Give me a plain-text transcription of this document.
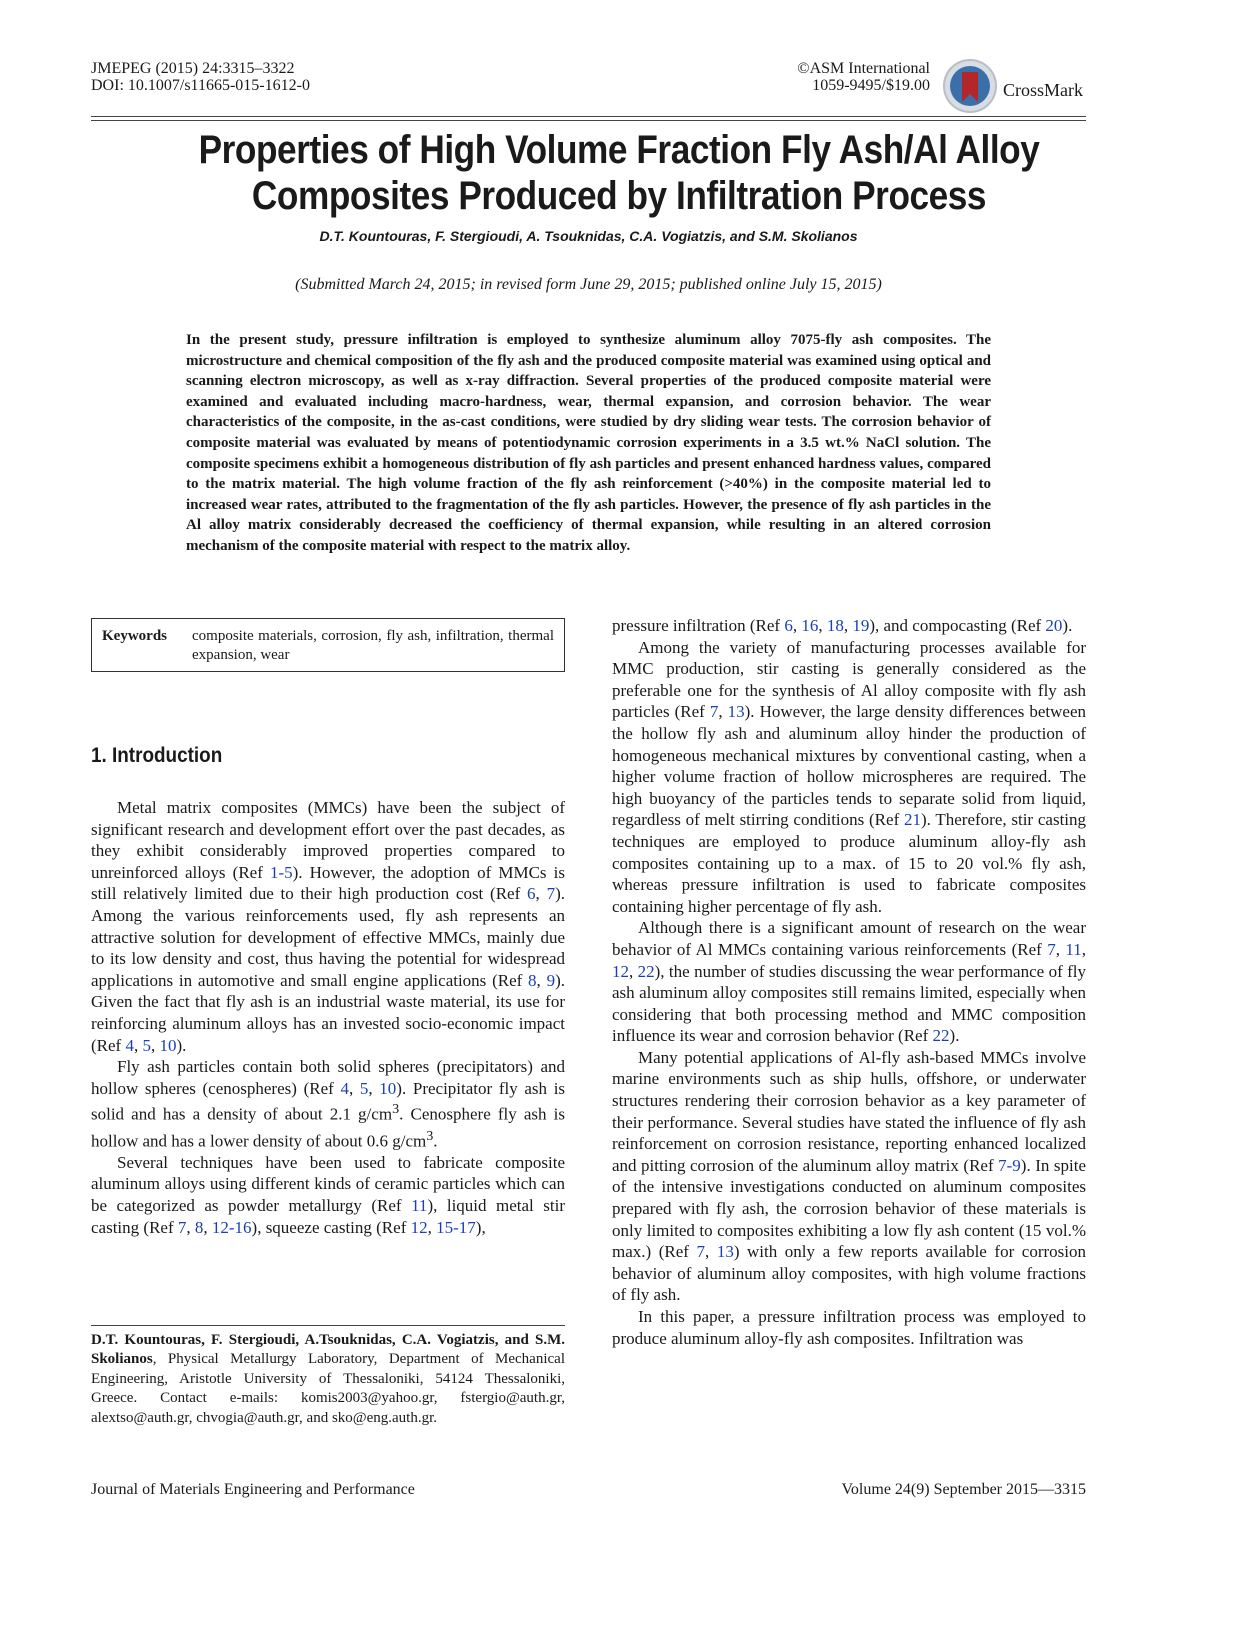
JMEPEG (2015) 24:3315–3322
DOI: 10.1007/s11665-015-1612-0
©ASM International
1059-9495/$19.00	CrossMark
Properties of High Volume Fraction Fly Ash/Al Alloy
Composites Produced by Infiltration Process
D.T. Kountouras, F. Stergioudi, A. Tsouknidas, C.A. Vogiatzis, and S.M. Skolianos
(Submitted March 24, 2015; in revised form June 29, 2015; published online July 15, 2015)
In the present study, pressure infiltration is employed to synthesize aluminum alloy 7075-fly ash composites. The microstructure and chemical composition of the fly ash and the produced composite material was examined using optical and scanning electron microscopy, as well as x-ray diffraction. Several properties of the produced composite material were examined and evaluated including macro-hardness, wear, thermal expansion, and corrosion behavior. The wear characteristics of the composite, in the as-cast conditions, were studied by dry sliding wear tests. The corrosion behavior of composite material was evaluated by means of potentiodynamic corrosion experiments in a 3.5 wt.% NaCl solution. The composite specimens exhibit a homogeneous distribution of fly ash particles and present enhanced hardness values, compared to the matrix material. The high volume fraction of the fly ash reinforcement (>40%) in the composite material led to increased wear rates, attributed to the fragmentation of the fly ash particles. However, the presence of fly ash particles in the Al alloy matrix considerably decreased the coefficiency of thermal expansion, while resulting in an altered corrosion mechanism of the composite material with respect to the matrix alloy.
Keywords composite materials, corrosion, fly ash, infiltration, thermal expansion, wear
1. Introduction

Metal matrix composites (MMCs) have been the subject of significant research and development effort over the past decades, as they exhibit considerably improved properties compared to unreinforced alloys (Ref 1-5). However, the adoption of MMCs is still relatively limited due to their high production cost (Ref 6, 7). Among the various reinforcements used, fly ash represents an attractive solution for development of effective MMCs, mainly due to its low density and cost, thus having the potential for widespread applications in automotive and small engine applications (Ref 8, 9). Given the fact that fly ash is an industrial waste material, its use for reinforcing aluminum alloys has an invested socio-economic impact (Ref 4, 5, 10).

Fly ash particles contain both solid spheres (precipitators) and hollow spheres (cenospheres) (Ref 4, 5, 10). Precipitator fly ash is solid and has a density of about 2.1 $g/cm^3$. Cenosphere fly ash is hollow and has a lower density of about 0.6 $g/cm^3$.

Several techniques have been used to fabricate composite aluminum alloys using different kinds of ceramic particles which can be categorized as powder metallurgy (Ref 11), liquid metal stir casting (Ref 7, 8, 12-16), squeeze casting (Ref 12, 15-17),

D.T. Kountouras, F. Stergioudi, A.Tsouknidas, C.A. Vogiatzis, and S.M. Skolianos, Physical Metallurgy Laboratory, Department of Mechanical Engineering, Aristotle University of Thessaloniki, 54124 Thessaloniki, Greece. Contact e-mails: komis2003@yahoo.gr, fstergio@auth.gr, alextso@auth.gr, chvogia@auth.gr, and sko@eng.auth.gr.

pressure infiltration (Ref 6, 16, 18, 19), and compocasting (Ref 20).

Among the variety of manufacturing processes available for MMC production, stir casting is generally considered as the preferable one for the synthesis of Al alloy composite with fly ash particles (Ref 7, 13). However, the large density differences between the hollow fly ash and aluminum alloy hinder the production of homogeneous mechanical mixtures by conventional casting, when a higher volume fraction of hollow microspheres are required. The high buoyancy of the particles tends to separate solid from liquid, regardless of melt stirring conditions (Ref 21). Therefore, stir casting techniques are employed to produce aluminum alloy-fly ash composites containing up to a max. of 15 to 20 vol.% fly ash, whereas pressure infiltration is used to fabricate composites containing higher percentage of fly ash.

Although there is a significant amount of research on the wear behavior of Al MMCs containing various reinforcements (Ref 7, 11, 12, 22), the number of studies discussing the wear performance of fly ash aluminum alloy composites still remains limited, especially when considering that both processing method and MMC composition influence its wear and corrosion behavior (Ref 22).

Many potential applications of Al-fly ash-based MMCs involve marine environments such as ship hulls, offshore, or underwater structures rendering their corrosion behavior as a key parameter of their performance. Several studies have stated the influence of fly ash reinforcement on corrosion resistance, reporting enhanced localized and pitting corrosion of the aluminum alloy matrix (Ref 7-9). In spite of the intensive investigations conducted on aluminum composites prepared with fly ash, the corrosion behavior of these materials is only limited to composites exhibiting a low fly ash content (15 vol.% max.) (Ref 7, 13) with only a few reports available for corrosion behavior of aluminum alloy composites, with high volume fractions of fly ash.

In this paper, a pressure infiltration process was employed to produce aluminum alloy-fly ash composites. Infiltration was

Journal of Materials Engineering and Performance	Volume 24(9) September 2015—3315
